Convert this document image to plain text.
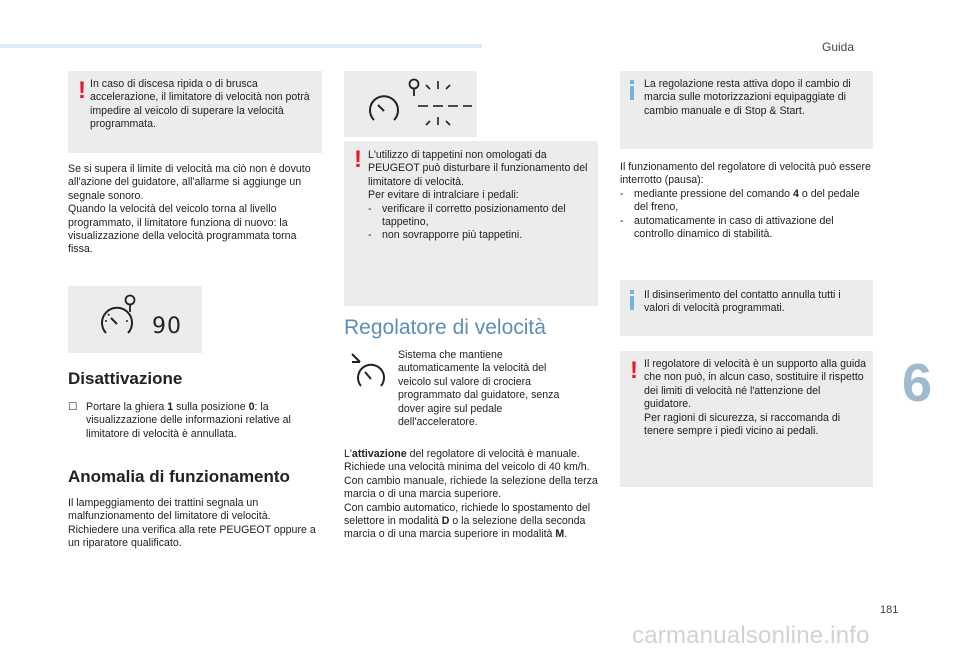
Guida
! In caso di discesa ripida o di brusca accelerazione, il limitatore di velocità non potrà impedire al veicolo di superare la velocità programmata.

Se si supera il limite di velocità ma ciò non è dovuto all'azione del guidatore, all'allarme si aggiunge un segnale sonoro.

Quando la velocità del veicolo torna al livello programmato, il limitatore funziona di nuovo: la visualizzazione della velocità programmata torna fissa.

90
Disattivazione
☐ Portare la ghiera 1 sulla posizione 0: la visualizzazione delle informazioni relative al limitatore di velocità è annullata.
Anomalia di funzionamento

Il lampeggiamento dei trattini segnala un malfunzionamento del limitatore di velocità. Richiedere una verifica alla rete PEUGEOT oppure a un riparatore qualificato.

! L'utilizzo di tappetini non omologati da PEUGEOT può disturbare il funzionamento del limitatore di velocità.

Per evitare di intralciare i pedali:

- verificare il corretto posizionamento del tappetino,
- non sovrapporre più tappetini.
Regolatore di velocità

Sistema che mantiene automaticamente la velocità del veicolo sul valore di crociera programmato dal guidatore, senza dover agire sul pedale dell'acceleratore.

L'attivazione del regolatore di velocità è manuale.

Richiede una velocità minima del veicolo di 40 km/h.

Con cambio manuale, richiede la selezione della terza marcia o di una marcia superiore.

Con cambio automatico, richiede lo spostamento del selettore in modalità D o la selezione della seconda marcia o di una marcia superiore in modalità M.

La regolazione resta attiva dopo il cambio di marcia sulle motorizzazioni equipaggiate di cambio manuale e di Stop & Start.

Il funzionamento del regolatore di velocità può essere interrotto (pausa):

- mediante pressione del comando 4 o del pedale del freno,
- automaticamente in caso di attivazione del controllo dinamico di stabilità.

Il disinserimento del contatto annulla tutti i valori di velocità programmati.

! Il regolatore di velocità è un supporto alla guida che non può, in alcun caso, sostituire il rispetto dei limiti di velocità né l'attenzione del guidatore.

Per ragioni di sicurezza, si raccomanda di tenere sempre i piedi vicino ai pedali.

6
181
carmanualsonline.info
